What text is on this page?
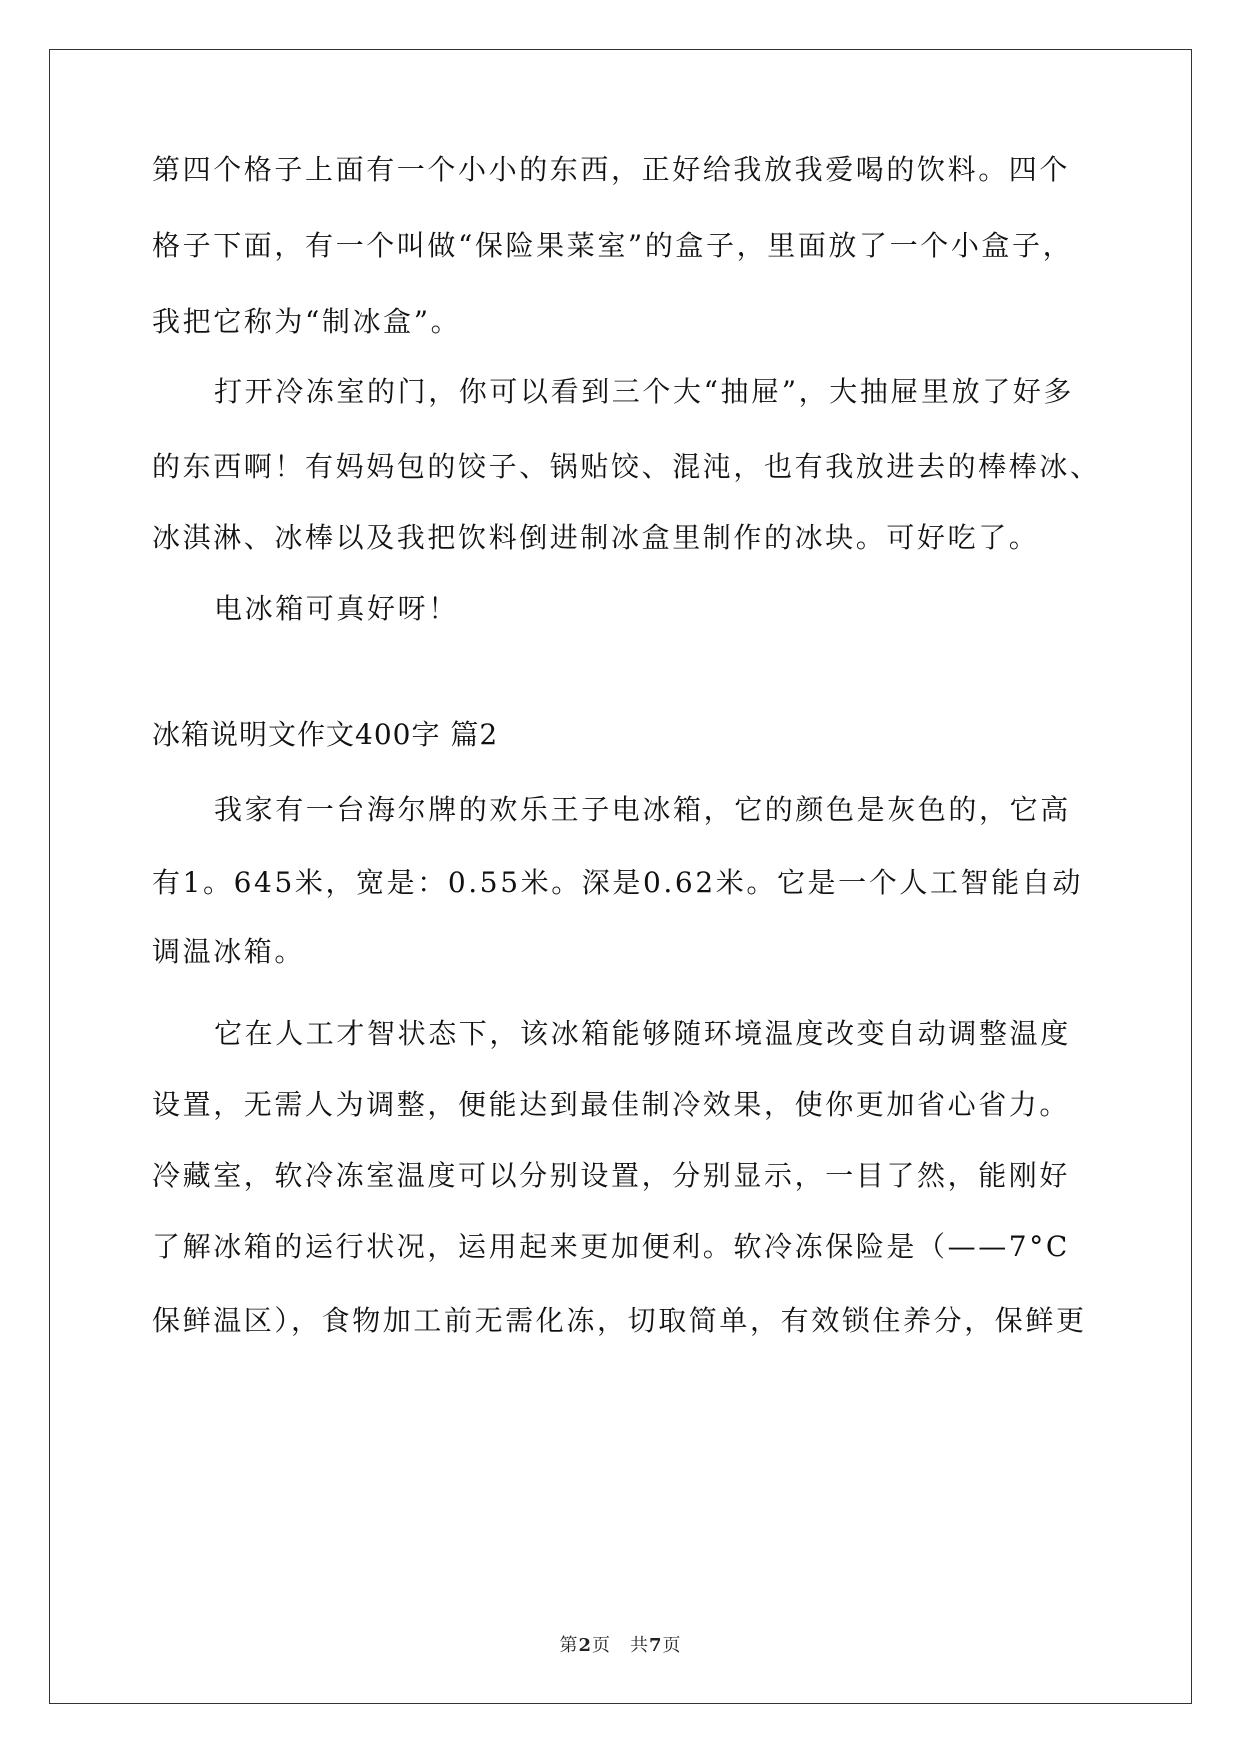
第四个格子上面有一个小小的东西，正好给我放我爱喝的饮料。四个
格子下面，有一个叫做“保险果菜室”的盒子，里面放了一个小盒子，
我把它称为“制冰盒”。
打开冷冻室的门，你可以看到三个大“抽屉”，大抽屉里放了好多
的东西啊！有妈妈包的饺子、锅贴饺、混沌，也有我放进去的棒棒冰、
冰淇淋、冰棒以及我把饮料倒进制冰盒里制作的冰块。可好吃了。
电冰箱可真好呀！
冰箱说明文作文400字 篇2
我家有一台海尔牌的欢乐王子电冰箱，它的颜色是灰色的，它高
有1。645米，宽是：0.55米。深是0.62米。它是一个人工智能自动
调温冰箱。
它在人工才智状态下，该冰箱能够随环境温度改变自动调整温度
设置，无需人为调整，便能达到最佳制冷效果，使你更加省心省力。
冷藏室，软冷冻室温度可以分别设置，分别显示，一目了然，能刚好
了解冰箱的运行状况，运用起来更加便利。软冷冻保险是（——7°C
保鲜温区），食物加工前无需化冻，切取简单，有效锁住养分，保鲜更
第2页　共7页
